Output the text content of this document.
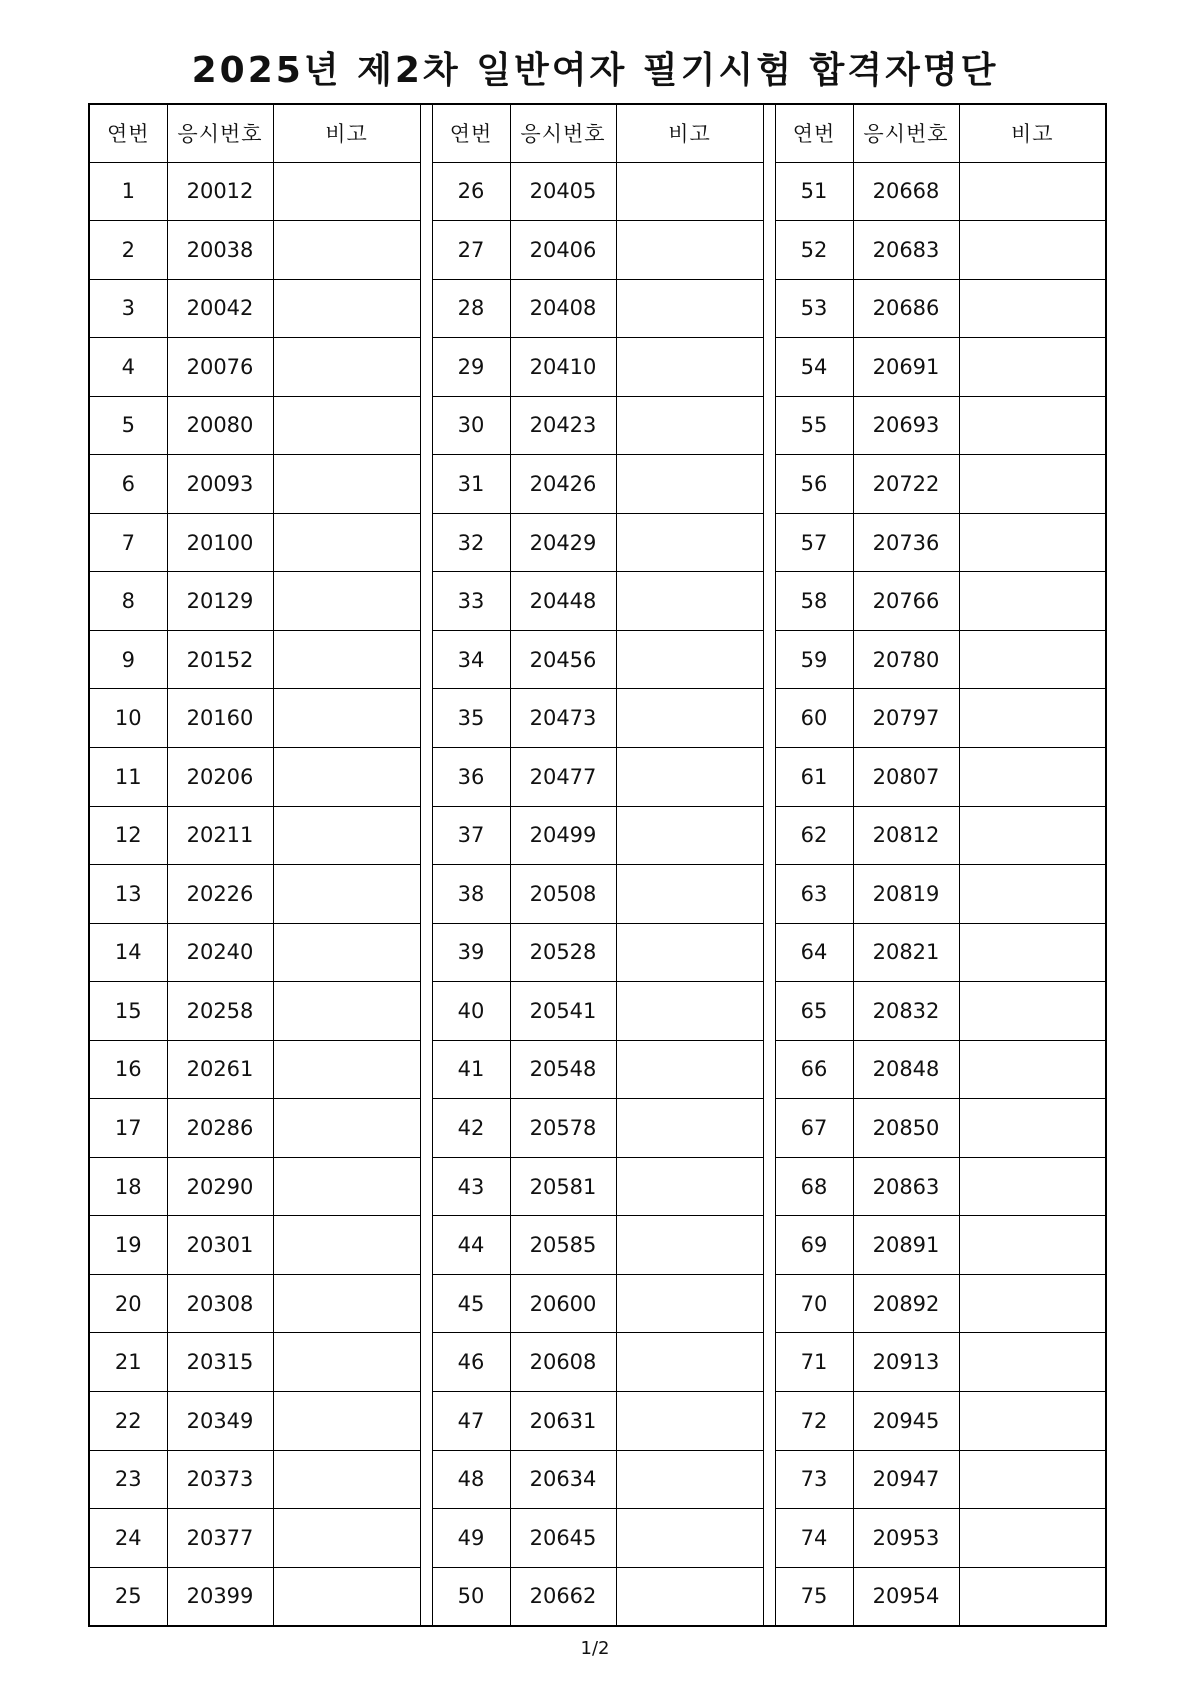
2025년 제2차 일반여자 필기시험 합격자명단
연번	응시번호	비고		연번	응시번호	비고		연번	응시번호	비고
1	20012			26	20405			51	20668	
2	20038			27	20406			52	20683	
3	20042			28	20408			53	20686	
4	20076			29	20410			54	20691	
5	20080			30	20423			55	20693	
6	20093			31	20426			56	20722	
7	20100			32	20429			57	20736	
8	20129			33	20448			58	20766	
9	20152			34	20456			59	20780	
10	20160			35	20473			60	20797	
11	20206			36	20477			61	20807	
12	20211			37	20499			62	20812	
13	20226			38	20508			63	20819	
14	20240			39	20528			64	20821	
15	20258			40	20541			65	20832	
16	20261			41	20548			66	20848	
17	20286			42	20578			67	20850	
18	20290			43	20581			68	20863	
19	20301			44	20585			69	20891	
20	20308			45	20600			70	20892	
21	20315			46	20608			71	20913	
22	20349			47	20631			72	20945	
23	20373			48	20634			73	20947	
24	20377			49	20645			74	20953	
25	20399			50	20662			75	20954	
1/2
